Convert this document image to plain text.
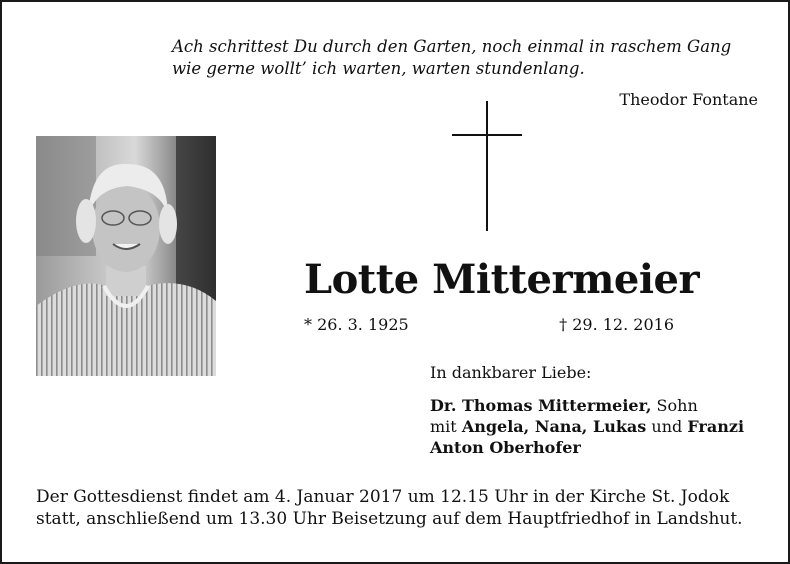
Ach schrittest Du durch den Garten, noch einmal in raschem Gang
wie gerne wollt’ ich warten, warten stundenlang.
Theodor Fontane
Lotte Mittermeier
* 26. 3. 1925	† 29. 12. 2016
In dankbarer Liebe:
Dr. Thomas Mittermeier, Sohn
mit Angela, Nana, Lukas und Franzi
Anton Oberhofer
Der Gottesdienst findet am 4. Januar 2017 um 12.15 Uhr in der Kirche St. Jodok
statt, anschließend um 13.30 Uhr Beisetzung auf dem Hauptfriedhof in Landshut.
